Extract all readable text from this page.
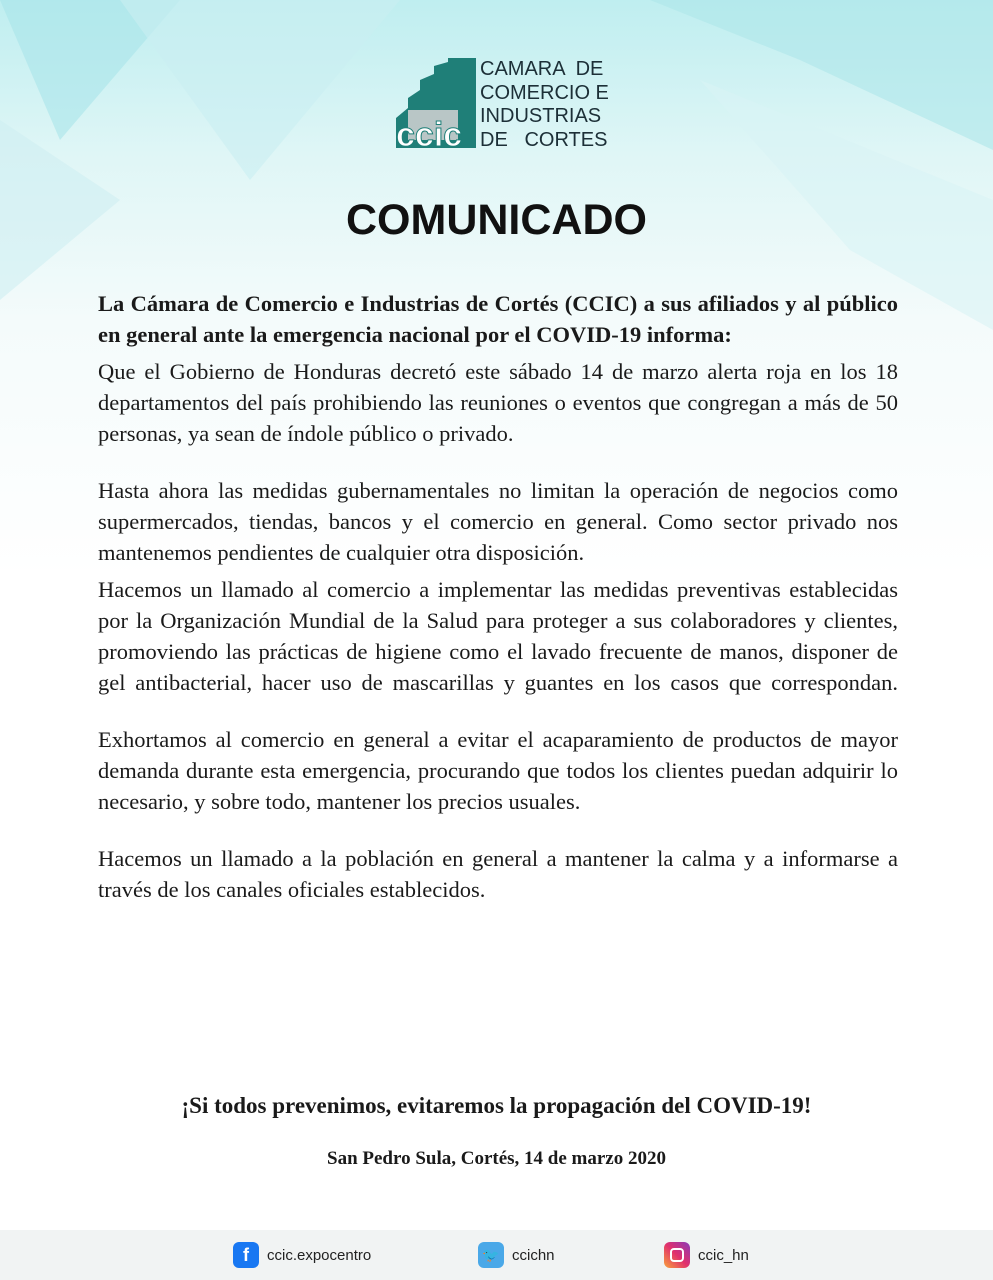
ccic
CAMARA  DE
COMERCIO E
INDUSTRIAS
DE   CORTES
COMUNICADO

La Cámara de Comercio e Industrias de Cortés (CCIC) a sus afiliados y al público en general ante la emergencia nacional por el COVID-19 informa:

Que el Gobierno de Honduras decretó este sábado 14 de marzo alerta roja en los 18 departamentos del país prohibiendo las reuniones o eventos que congregan a más de 50 personas, ya sean de índole público o privado.

Hasta ahora las medidas gubernamentales no limitan la operación de negocios como supermercados, tiendas, bancos y el comercio en general. Como sector privado nos mantenemos pendientes de cualquier otra disposición.

Hacemos un llamado al comercio a implementar las medidas preventivas establecidas por la Organización Mundial de la Salud para proteger a sus colaboradores y clientes, promoviendo las prácticas de higiene como el lavado frecuente de manos, disponer de gel antibacterial, hacer uso de mascarillas y guantes en los casos que correspondan.

Exhortamos al comercio en general a evitar el acaparamiento de productos de mayor demanda durante esta emergencia, procurando que todos los clientes puedan adquirir lo necesario, y sobre todo, mantener los precios usuales.

Hacemos un llamado a la población en general a mantener la calma y a informarse a través de los canales oficiales establecidos.

¡Si todos prevenimos, evitaremos la propagación del COVID-19!
San Pedro Sula, Cortés, 14 de marzo 2020
f	ccic.expocentro	🐦 ccichn	ccic_hn
